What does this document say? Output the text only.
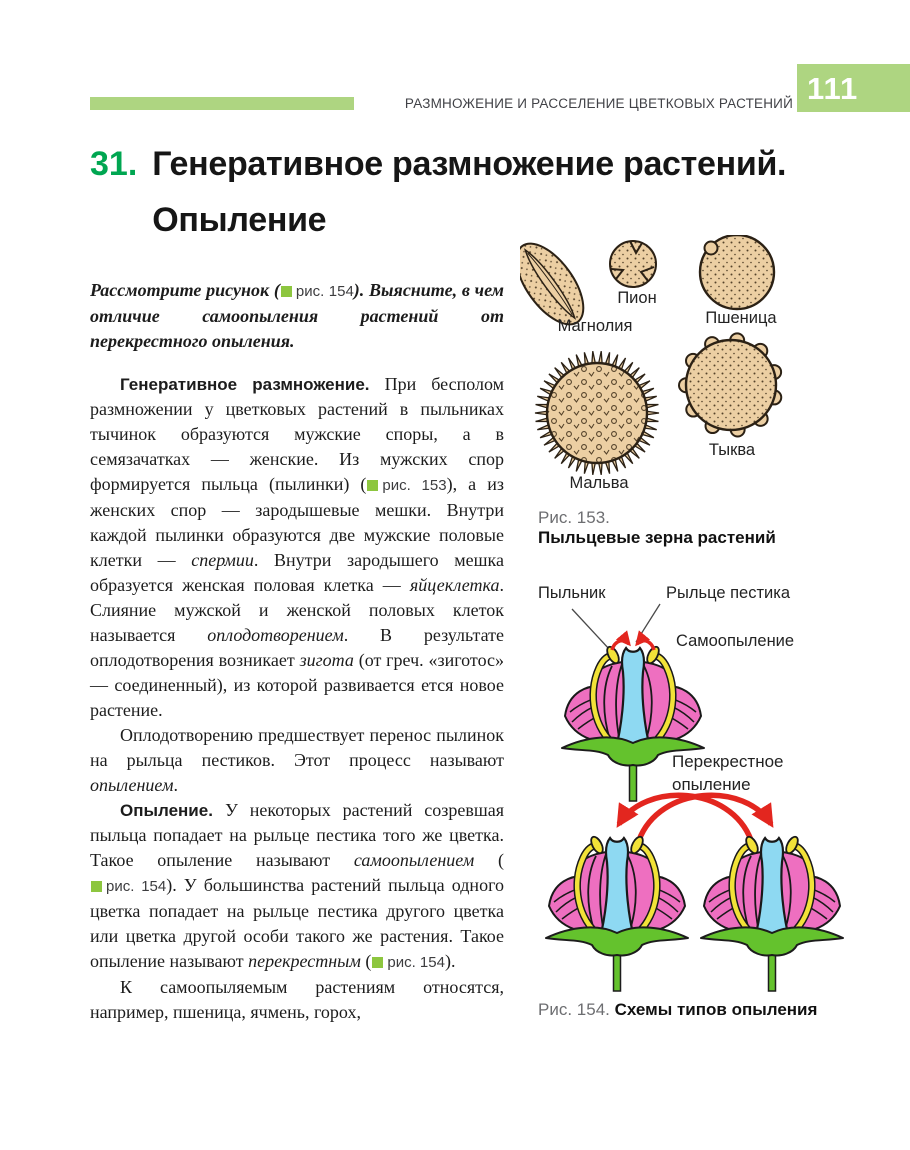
РАЗМНОЖЕНИЕ И РАССЕЛЕНИЕ ЦВЕТКОВЫХ РАСТЕНИЙ 111
31. Генеративное размножение растений.
Опыление

Рассмотрите рисунок ( рис. 154). Выясните, в чем отличие самоопыления растений от перекрестного опыления.

Генеративное размножение. При бесполом размножении у цветковых растений в пыльниках тычинок образуются мужские споры, а в семязачатках — женские. Из мужских спор формируется пыльца (пылинки) ( рис. 153), а из женских спор — зародышевые мешки. Внутри каждой пылинки образуются две мужские половые клетки — спермии. Внутри зародышего мешка образуется женская половая клетка — яйцеклетка. Слияние мужской и женской половых клеток называется оплодотворением. В результате оплодотворения возникает зигота (от греч. «зиготос» — соединенный), из которой развивается ется новое растение.

Оплодотворению предшествует перенос пылинок на рыльца пестиков. Этот процесс называют опылением.

Опыление. У некоторых растений созревшая пыльца попадает на рыльце пестика того же цветка. Такое опыление называют самоопылением (рис. 154). У большинства растений пыльца одного цветка попадает на рыльце пестика другого цветка или цветка другой особи такого же растения. Такое опыление называют перекрестным ( рис. 154).

К самоопыляемым растениям относятся, например, пшеница, ячмень, горох,

Пион
Магнолия	Пшеница
Мальва
Тыква
Рис. 153.
Пыльцевые зерна растений
Пыльник	Рыльце пестика
Самоопыление
Перекрестное опыление
Рис. 154. Схемы типов опыления
